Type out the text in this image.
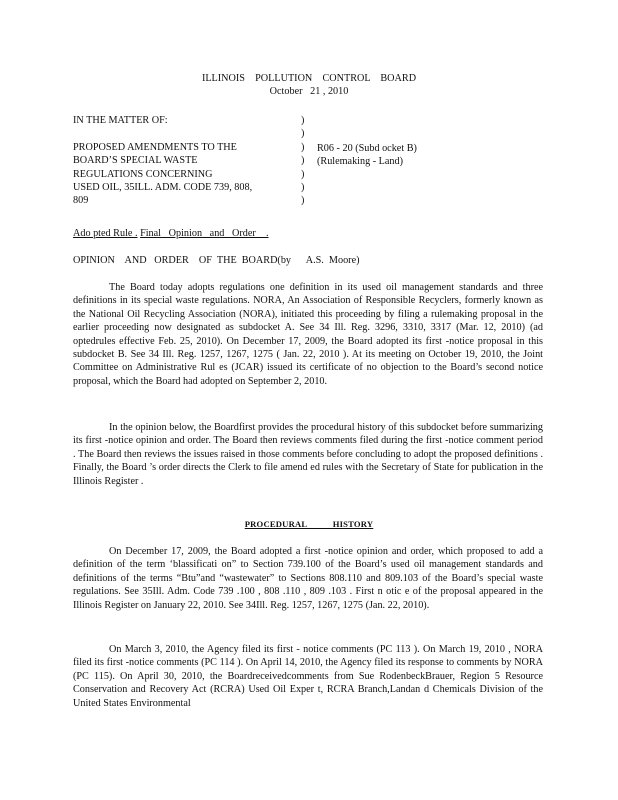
ILLINOIS    POLLUTION    CONTROL    BOARD
October   21 , 2010
IN THE MATTER OF:

PROPOSED AMENDMENTS TO THE
BOARD’S SPECIAL WASTE
REGULATIONS CONCERNING
USED OIL, 35ILL. ADM. CODE 739, 808,
809
)
)
)
)
)
)
)
R06 - 20 (Subd ocket B)
(Rulemaking - Land)
Ado pted Rule . Final   Opinion   and   Order    .
OPINION    AND   ORDER    OF  THE  BOARD(by      A.S.  Moore)

The Board today adopts regulations one definition in its used oil management standards and three definitions in its special waste regulations. NORA, An Association of Responsible Recyclers, formerly known as the National Oil Recycling Association (NORA), initiated this proceeding by filing a rulemaking proposal in the earlier proceeding now designated as subdocket A. See 34 Ill. Reg. 3296, 3310, 3317 (Mar. 12, 2010) (ad optedrules effective Feb. 25, 2010). On December 17, 2009, the Board adopted its first -notice proposal in this subdocket B. See 34 Ill. Reg. 1257, 1267, 1275 ( Jan. 22, 2010 ). At its meeting on October 19, 2010, the Joint Committee on Administrative Rul es (JCAR) issued its certificate of no objection to the Board’s second notice proposal, which the Board had adopted on September 2, 2010.

In the opinion below, the Boardfirst provides the procedural history of this subdocket before summarizing its first -notice opinion and order. The Board then reviews comments filed during the first -notice comment period . The Board then reviews the issues raised in those comments before concluding to adopt the proposed definitions . Finally, the Board ’s order directs the Clerk to file amend ed rules with the Secretary of State for publication in the Illinois Register .

PROCEDURAL           HISTORY

On December 17, 2009, the Board adopted a first -notice opinion and order, which proposed to add a definition of the term ‘blassificati on” to Section 739.100 of the Board’s used oil management standards and definitions of the terms “Btu”and “wastewater” to Sections 808.110 and 809.103 of the Board’s special waste regulations. See 35Ill. Adm. Code 739 .100 , 808 .110 , 809 .103 . First n otic e of the proposal appeared in the Illinois Register on January 22, 2010. See 34Ill. Reg. 1257, 1267, 1275 (Jan. 22, 2010).

On March 3, 2010, the Agency filed its first - notice comments (PC 113 ). On March 19, 2010 , NORA filed its first -notice comments (PC 114 ). On April 14, 2010, the Agency filed its response to comments by NORA (PC 115). On April 30, 2010, the Boardreceivedcomments from Sue RodenbeckBrauer, Region 5 Resource Conservation and Recovery Act (RCRA) Used Oil Exper t, RCRA Branch,Landan d Chemicals Division of the United States Environmental
